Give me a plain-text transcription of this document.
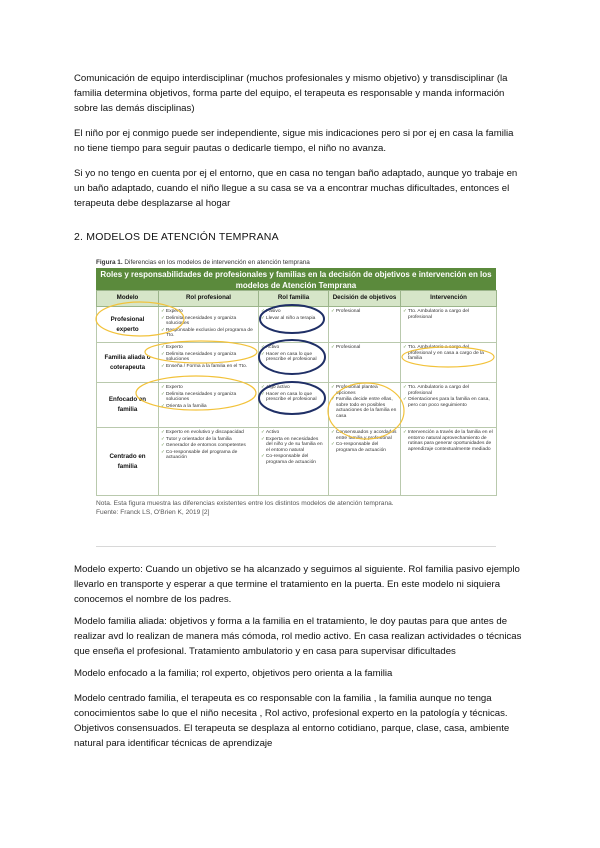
Comunicación de equipo interdisciplinar (muchos profesionales y mismo objetivo) y transdisciplinar (la familia determina objetivos, forma parte del equipo, el terapeuta es responsable y manda información sobre las demás disciplinas)
El niño por ej conmigo puede ser independiente, sigue mis indicaciones pero si por ej en casa la familia no tiene tiempo para seguir pautas o dedicarle tiempo, el niño no avanza.
Si yo no tengo en cuenta por ej el entorno, que en casa no tengan baño adaptado, aunque yo trabaje en un baño adaptado, cuando el niño llegue a su casa se va a encontrar muchas dificultades, entonces el terapeuta debe desplazarse al hogar
2. MODELOS DE ATENCIÓN TEMPRANA
Figura 1. Diferencias en los modelos de intervención en atención temprana
Roles y responsabilidades de profesionales y familias en la decisión de objetivos e intervención en los modelos de Atención Temprana
Modelo	Rol profesional	Rol familia	Decisión de objetivos	Intervención
Profesional experto	✓ Experto
✓ Delimita necesidades y organiza soluciones
✓ Responsable exclusivo del programa de Tto.	✓ Pasivo
✓ Llevar al niño a terapia	✓ Profesional	✓ Tto. Ambulatorio a cargo del profesional

Familia aliada o coterapeuta	✓ Experto
✓ Delimita necesidades y organiza soluciones
✓ Enseña / Forma a la familia en el Tto.	✓ Activo
✓ Hacer en casa lo que prescribe el profesional	✓ Profesional	✓ Tto. Ambulatorio a cargo del profesional y en casa a cargo de la familia

Enfocado en familia	✓ Experto
✓ Delimita necesidades y organiza soluciones
✓ Orienta a la familia	✓ Algo activo
✓ Hacer en casa lo que prescribe el profesional	✓ Profesional plantea opciones
✓ Familia decide entre ellas, sobre todo en posibles actuaciones de la familia en casa	✓ Tto. Ambulatorio a cargo del profesional
✓ Orientaciones para la familia en casa, pero con poco seguimiento

Centrado en familia	✓ Experto en evolutivo y discapacidad
✓ Tutor y orientador de la familia
✓ Generador de entornos competentes
✓ Co-responsable del programa de actuación	✓ Activo
✓ Experta en necesidades del niño y de su familia en el entorno natural
✓ Co-responsable del programa de actuación	✓ Consensuados y acordados entre familia y profesional
✓ Co-responsable del programa de actuación	✓ Intervención a través de la familia en el entorno natural aprovechamiento de rutinas para generar oportunidades de aprendizaje contextualmente mediado
Nota. Esta figura muestra las diferencias existentes entre los distintos modelos de atención temprana.
Fuente: Franck LS, O'Brien K, 2019 [2]
Modelo experto: Cuando un objetivo se ha alcanzado y seguimos al siguiente. Rol familia pasivo ejemplo llevarlo en transporte y esperar a que termine el tratamiento en la puerta. En este modelo ni siquiera conocemos el nombre de los padres.
Modelo familia aliada: objetivos y forma a la familia en el tratamiento, le doy pautas para que antes de realizar avd lo realizan de manera más cómoda, rol medio activo. En casa realizan actividades o técnicas que enseña el profesional. Tratamiento ambulatorio y en casa para supervisar dificultades
Modelo enfocado a la familia; rol experto, objetivos pero orienta a la familia
Modelo centrado familia, el terapeuta es co responsable con la familia , la familia aunque no tenga conocimientos sabe lo que el niño necesita , Rol activo, profesional experto en la patología y técnicas. Objetivos consensuados. El terapeuta se desplaza al entorno cotidiano, parque, clase, casa, ambiente natural para identificar técnicas de aprendizaje
